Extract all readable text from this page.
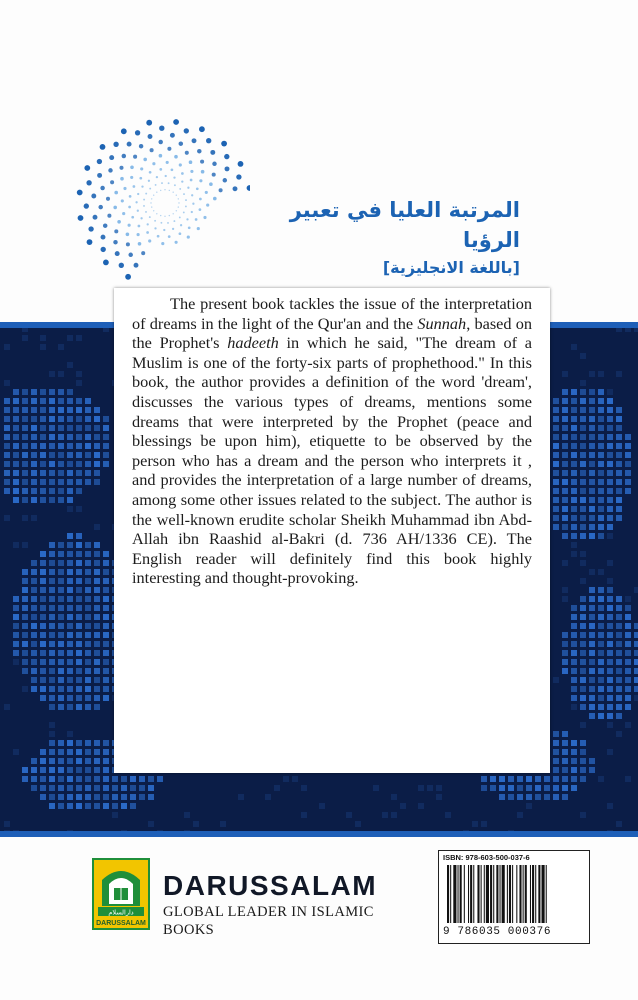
المرتبة العليا في تعبير الرؤيا
[باللغة الانجليزية]

The present book tackles the issue of the interpretation of dreams in the light of the Qur'an and the Sunnah, based on the Prophet's hadeeth in which he said, "The dream of a Muslim is one of the forty-six parts of prophethood." In this book, the author provides a definition of the word 'dream', discusses the various types of dreams, mentions some dreams that were interpreted by the Prophet (peace and blessings be upon him), etiquette to be observed by the person who has a dream and the person who interprets it , and provides the interpretation of a large number of dreams, among some other issues related to the subject. The author is the well-known erudite scholar Sheikh Muhammad ibn Abd-Allah ibn Raashid al-Bakri (d. 736 AH/1336 CE). The English reader will definitely find this book highly interesting and thought-provoking.

دارالسلام
DARUSSALAM
DARUSSALAM
GLOBAL LEADER IN ISLAMIC BOOKS
ISBN: 978-603-500-037-6
9 786035 000376
